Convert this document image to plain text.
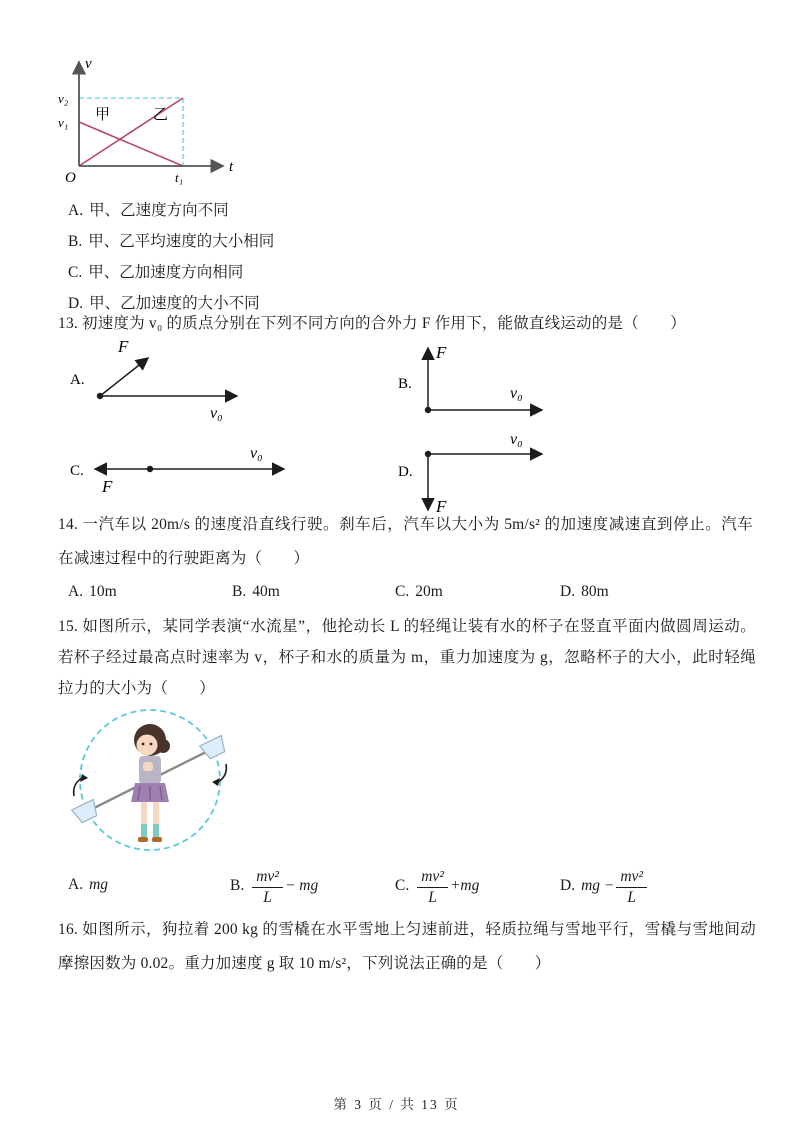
v
t
O
v₂
v₁
t₁
甲	乙
A. 甲、乙速度方向不同
B. 甲、乙平均速度的大小相同
C. 甲、乙加速度方向相同
D. 甲、乙加速度的大小不同
13. 初速度为 v₀ 的质点分别在下列不同方向的合外力 F 作用下，能做直线运动的是（　　）
A.
F
v₀
B.
F
v₀
C.
F
v₀
D.
v₀
F
14. 一汽车以 20m/s 的速度沿直线行驶。刹车后，汽车以大小为 5m/s² 的加速度减速直到停止。汽车在减速过程中的行驶距离为（　　）
A. 10m	B. 40m	C. 20m	D. 80m
15. 如图所示，某同学表演“水流星”，他抡动长 L 的轻绳让装有水的杯子在竖直平面内做圆周运动。若杯子经过最高点时速率为 v，杯子和水的质量为 m，重力加速度为 g，忽略杯子的大小，此时轻绳拉力的大小为（　　）
A. mg	B. $\frac{\text{mv²}}{L}$ − mg	C. $\frac{\text{mv²}}{L} +mg$	D. mg − $\frac{\text{mv²}}{L}$
16. 如图所示，狗拉着 200 kg 的雪橇在水平雪地上匀速前进，轻质拉绳与雪地平行，雪橇与雪地间动摩擦因数为 0.02。重力加速度 g 取 10 m/s²，下列说法正确的是（　　）
第 3 页 / 共 13 页
